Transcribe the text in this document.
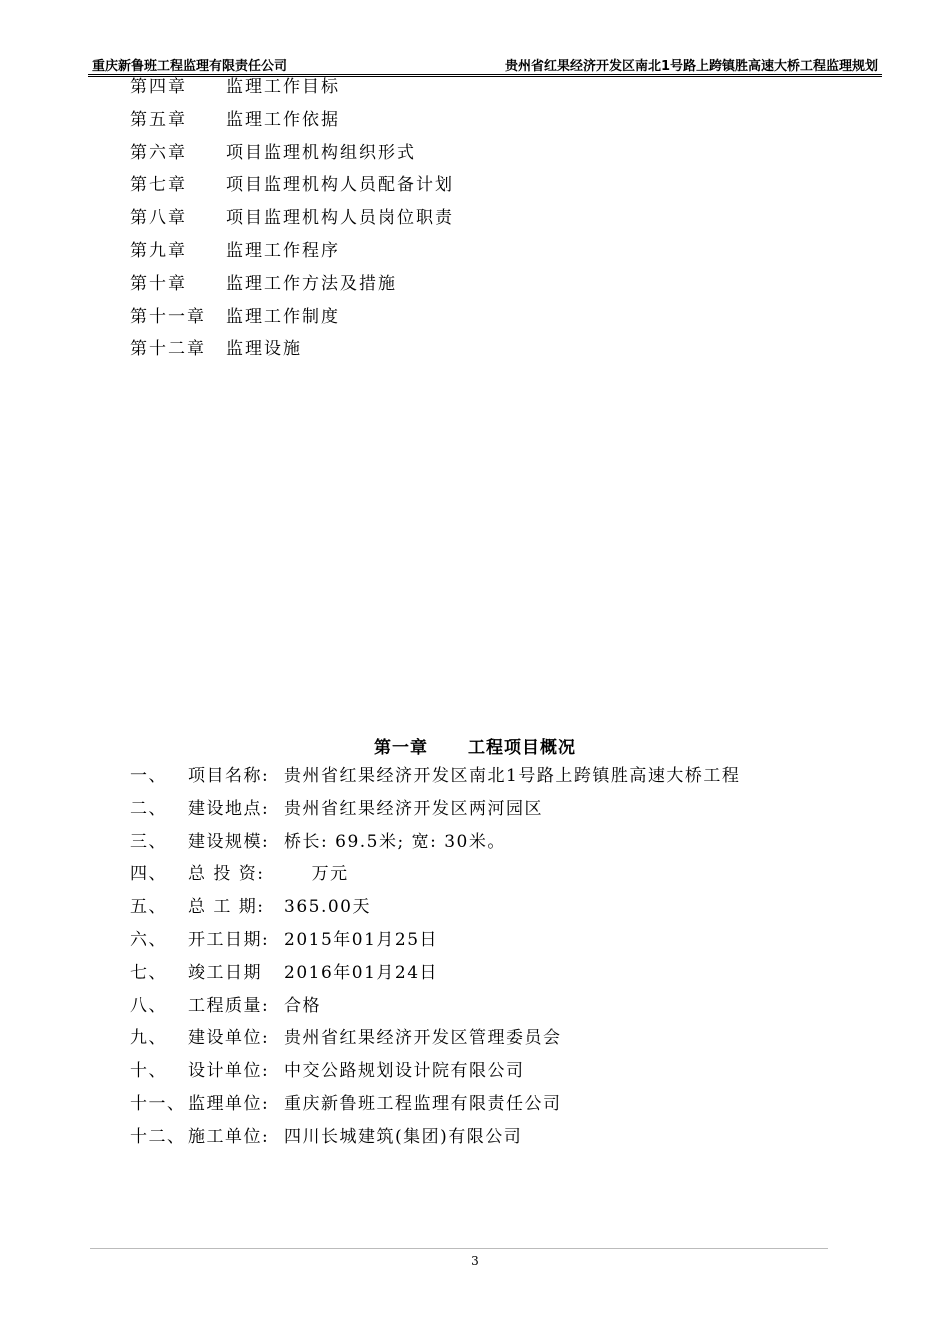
重庆新鲁班工程监理有限责任公司	贵州省红果经济开发区南北1号路上跨镇胜高速大桥工程监理规划
第四章	监理工作目标
第五章	监理工作依据
第六章	项目监理机构组织形式
第七章	项目监理机构人员配备计划
第八章	项目监理机构人员岗位职责
第九章	监理工作程序
第十章	监理工作方法及措施
第十一章	监理工作制度
第十二章	监理设施
第一章 工程项目概况
一、	项目名称: 贵州省红果经济开发区南北1号路上跨镇胜高速大桥工程
二、	建设地点: 贵州省红果经济开发区两河园区
三、	建设规模: 桥长: 69.5米; 宽: 30米。
四、	总 投 资:	万元
五、	总 工 期:	365.00天
六、	开工日期: 2015年01月25日
七、	竣工日期	2016年01月24日
八、	工程质量: 合格
九、	建设单位: 贵州省红果经济开发区管理委员会
十、	设计单位: 中交公路规划设计院有限公司
十一、 监理单位: 重庆新鲁班工程监理有限责任公司
十二、 施工单位: 四川长城建筑(集团)有限公司
3
